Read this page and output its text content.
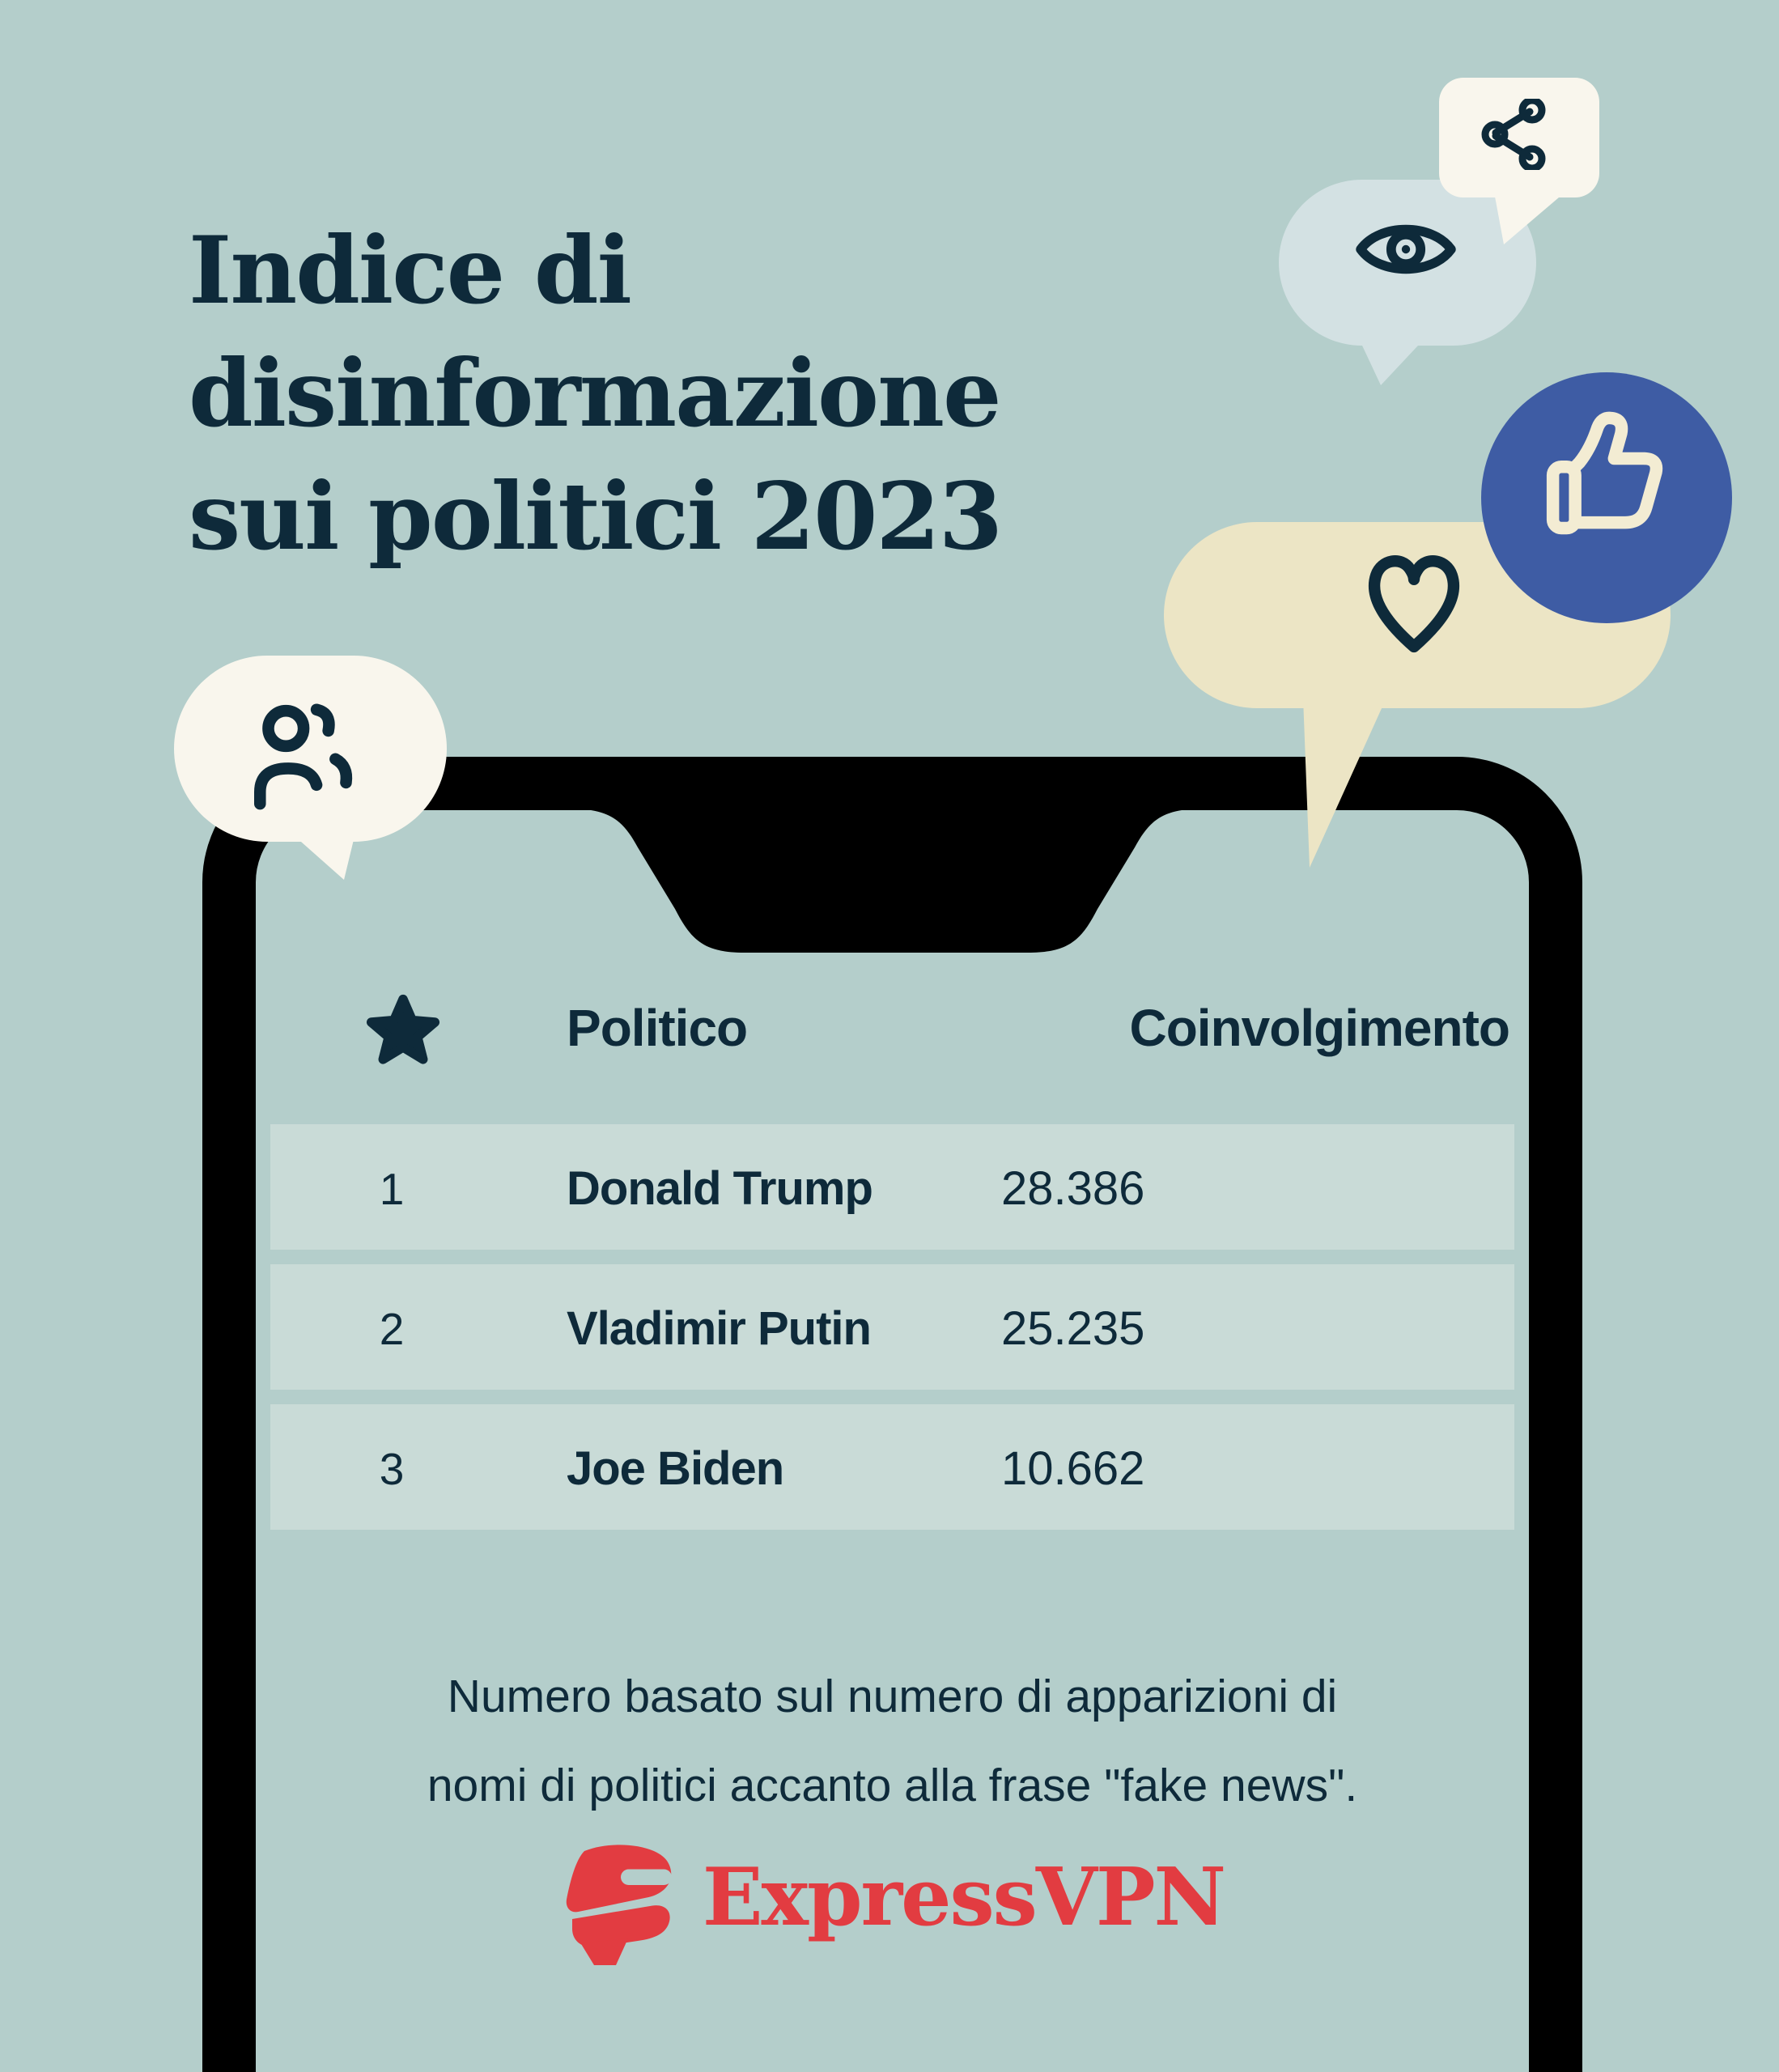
Indice di
disinformazione
sui politici 2023
Politico	Coinvolgimento
1	Donald Trump	28.386
2	Vladimir Putin	25.235
3	Joe Biden	10.662

Numero basato sul numero di apparizioni di
nomi di politici accanto alla frase "fake news".

ExpressVPN
